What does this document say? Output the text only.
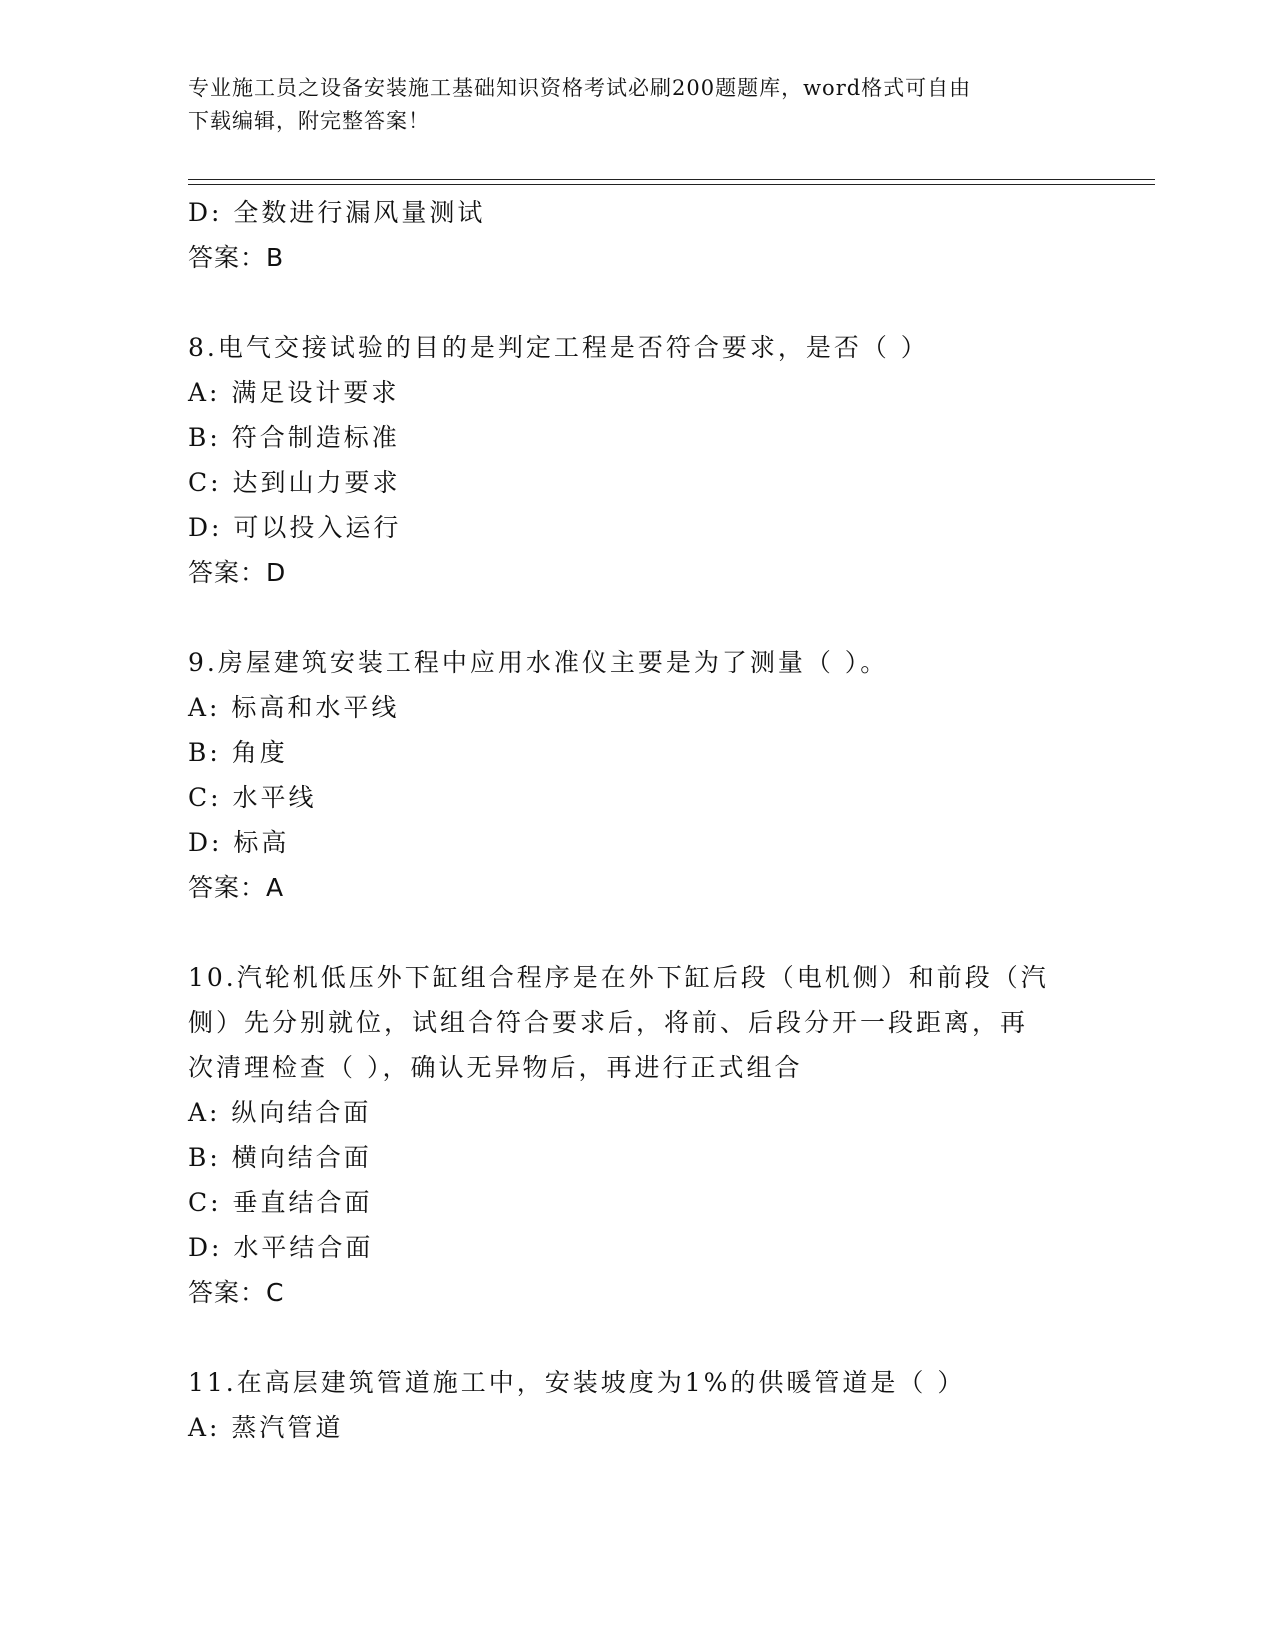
专业施工员之设备安装施工基础知识资格考试必刷200题题库，word格式可自由
下载编辑，附完整答案！
D: 全数进行漏风量测试
答案：B
8.电气交接试验的目的是判定工程是否符合要求，是否（ ）
A: 满足设计要求
B: 符合制造标准
C: 达到山力要求
D: 可以投入运行
答案：D
9.房屋建筑安装工程中应用水准仪主要是为了测量（ ）。
A: 标高和水平线
B: 角度
C: 水平线
D: 标高
答案：A
10.汽轮机低压外下缸组合程序是在外下缸后段（电机侧）和前段（汽
侧）先分别就位，试组合符合要求后，将前、后段分开一段距离，再
次清理检查（ ），确认无异物后，再进行正式组合
A: 纵向结合面
B: 横向结合面
C: 垂直结合面
D: 水平结合面
答案：C
11.在高层建筑管道施工中，安装坡度为1%的供暖管道是（ ）
A: 蒸汽管道
